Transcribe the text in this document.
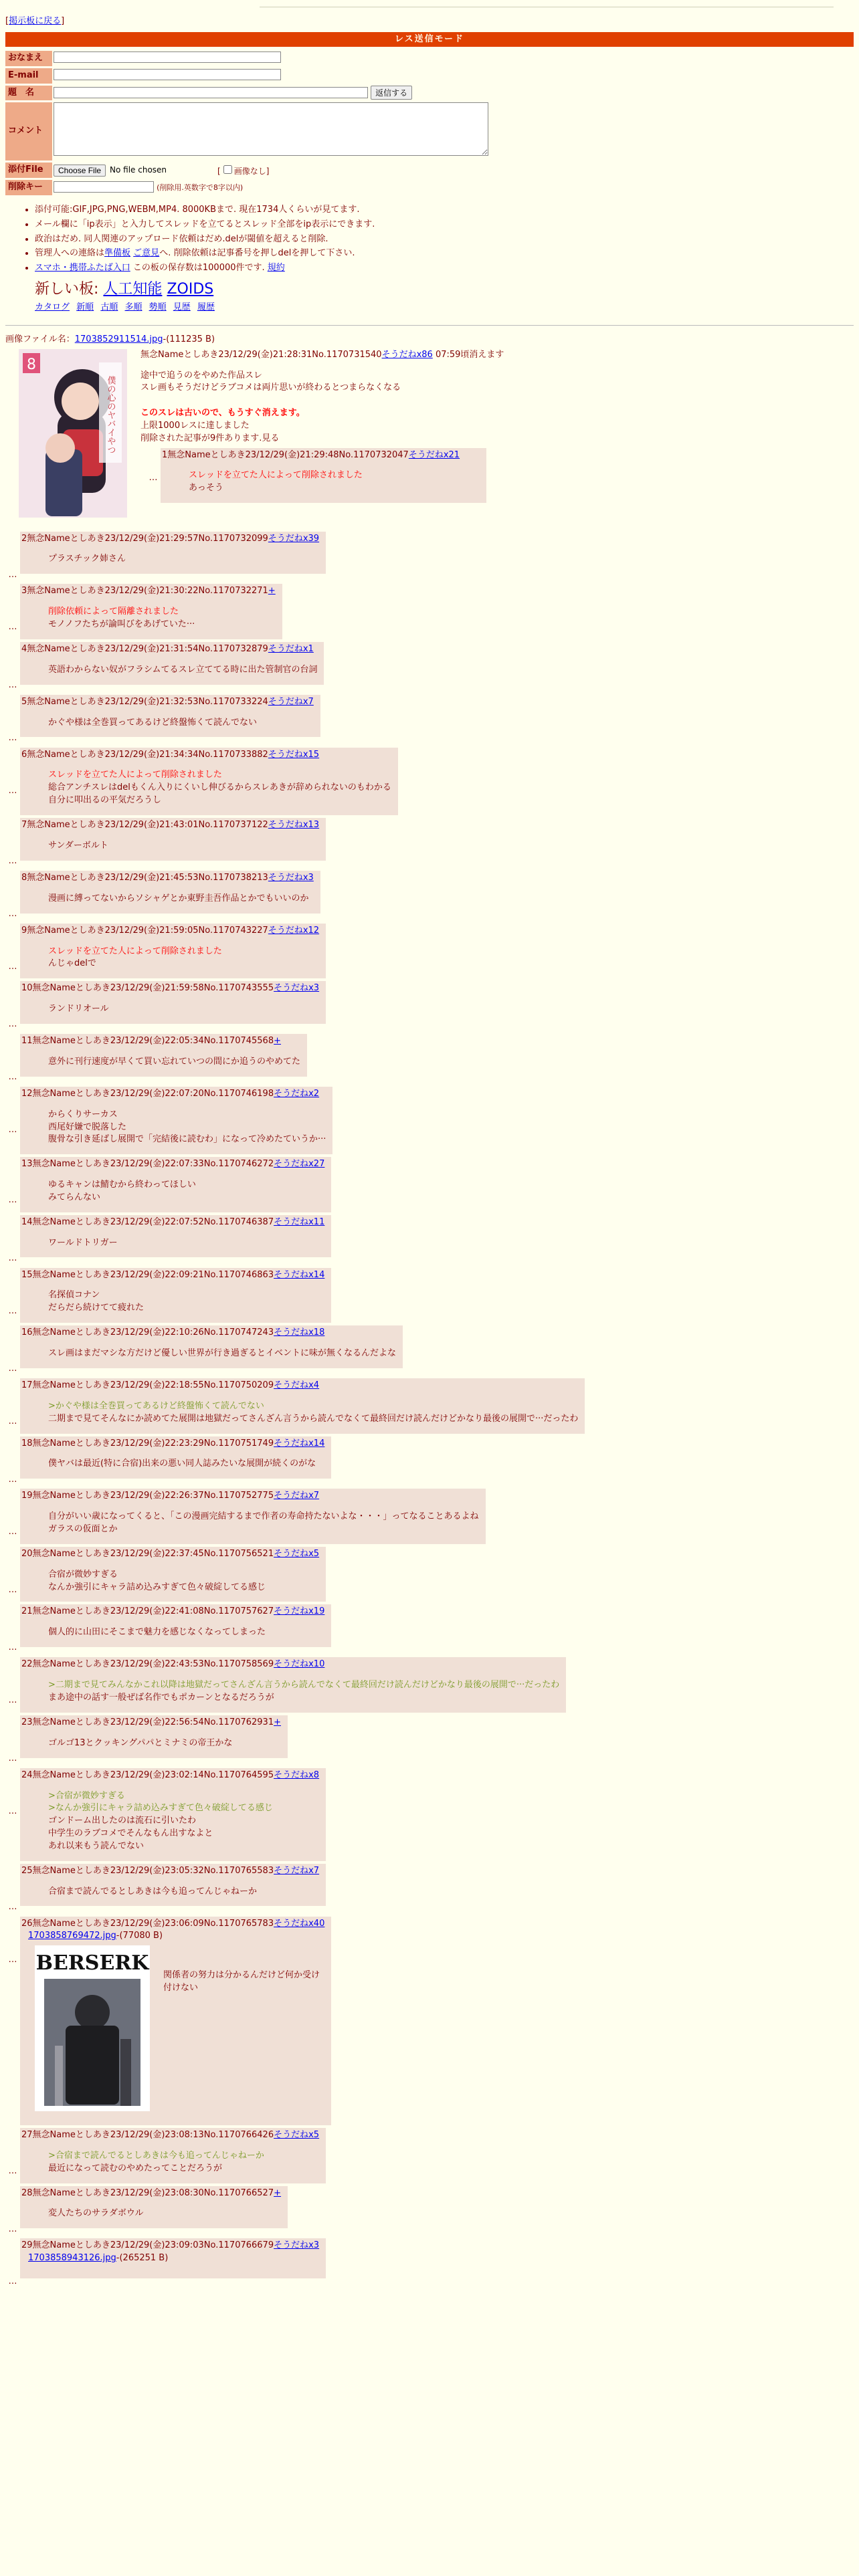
[掲示板に戻る]
レス送信モード
おなまえ	
E-mail	
題　名	返信する
コメント	
添付File	Choose File No file chosen [ 画像なし]

削除キー	(削除用.英数字で8字以内)
• 添付可能:GIF,JPG,PNG,WEBM,MP4. 8000KBまで. 現在1734人くらいが見てます.
• メール欄に「ip表示」と入力してスレッドを立てるとスレッド全部をip表示にできます.
• 政治はだめ. 同人関連のアップロード依頼はだめ.delが閾値を超えると削除.
• 管理人への連絡は準備板 ご意見へ. 削除依頼は記事番号を押しdelを押して下さい.
• スマホ・携帯ふたば入口 この板の保存数は100000件です. 規約
新しい板: 人工知能 ZOIDS
カタログ 新順 古順 多順 勢順 見歴 履歴
画像ファイル名：1703852911514.jpg-(111235 B)
8
僕の心のヤバイやつ
無念Nameとしあき23/12/29(金)21:28:31No.1170731540そうだねx86 07:59頃消えます

途中で追うのをやめた作品スレ

スレ画もそうだけどラブコメは両片思いが終わるとつまらなくなる

このスレは古いので、もうすぐ消えます。

上限1000レスに達しました

削除された記事が9件あります.見る

…
1無念Nameとしあき23/12/29(金)21:29:48No.1170732047そうだねx21

スレッドを立てた人によって削除されました

あっそう

…
2無念Nameとしあき23/12/29(金)21:29:57No.1170732099そうだねx39

プラスチック姉さん

…
3無念Nameとしあき23/12/29(金)21:30:22No.1170732271+

削除依頼によって隔離されました

モノノフたちが論叫びをあげていた···

…
4無念Nameとしあき23/12/29(金)21:31:54No.1170732879そうだねx1

英語わからない奴がフラシムてるスレ立ててる時に出た管制官の台詞

…
5無念Nameとしあき23/12/29(金)21:32:53No.1170733224そうだねx7

かぐや様は全巻買ってあるけど終盤怖くて読んでない

…
6無念Nameとしあき23/12/29(金)21:34:34No.1170733882そうだねx15

スレッドを立てた人によって削除されました

総合アンチスレはdelもくん入りにくいし伸びるからスレあきが辞められないのもわかる

自分に叩出るの平気だろうし

…
7無念Nameとしあき23/12/29(金)21:43:01No.1170737122そうだねx13

サンダーボルト

…
8無念Nameとしあき23/12/29(金)21:45:53No.1170738213そうだねx3

漫画に縛ってないからソシャゲとか東野圭吾作品とかでもいいのか

…
9無念Nameとしあき23/12/29(金)21:59:05No.1170743227そうだねx12

スレッドを立てた人によって削除されました

んじゃdelで

…
10無念Nameとしあき23/12/29(金)21:59:58No.1170743555そうだねx3

ランドリオール

…
11無念Nameとしあき23/12/29(金)22:05:34No.1170745568+

意外に刊行速度が早くて買い忘れていつの間にか追うのやめてた

…
12無念Nameとしあき23/12/29(金)22:07:20No.1170746198そうだねx2

からくりサーカス

西尾好嫌で脱落した

腹骨な引き延ばし展開で「完結後に読むわ」になって冷めたていうか···

…
13無念Nameとしあき23/12/29(金)22:07:33No.1170746272そうだねx27

ゆるキャンは鯖むから終わってほしい

みてらんない

…
14無念Nameとしあき23/12/29(金)22:07:52No.1170746387そうだねx11

ワールドトリガー

…
15無念Nameとしあき23/12/29(金)22:09:21No.1170746863そうだねx14

名探偵コナン

だらだら続けてて疲れた

…
16無念Nameとしあき23/12/29(金)22:10:26No.1170747243そうだねx18

スレ画はまだマシな方だけど優しい世界が行き過ぎるとイベントに味が無くなるんだよな

…
17無念Nameとしあき23/12/29(金)22:18:55No.1170750209そうだねx4

>かぐや様は全巻買ってあるけど終盤怖くて読んでない

二期まで見てそんなにか読めてた展開は地獄だってさんざん言うから読んでなくて最終回だけ読んだけどかなり最後の展開で···だったわ

…
18無念Nameとしあき23/12/29(金)22:23:29No.1170751749そうだねx14

僕ヤバは最近(特に合宿)出来の悪い同人誌みたいな展開が続くのがな

…
19無念Nameとしあき23/12/29(金)22:26:37No.1170752775そうだねx7

自分がいい歳になってくると、「この漫画完結するまで作者の寿命持たないよな・・・」ってなることあるよね

ガラスの仮面とか

…
20無念Nameとしあき23/12/29(金)22:37:45No.1170756521そうだねx5

合宿が微妙すぎる

なんか強引にキャラ詰め込みすぎて色々破綻してる感じ

…
21無念Nameとしあき23/12/29(金)22:41:08No.1170757627そうだねx19

個人的に山田にそこまで魅力を感じなくなってしまった

…
22無念Nameとしあき23/12/29(金)22:43:53No.1170758569そうだねx10

>二期まで見てみんなかこれ以降は地獄だってさんざん言うから読んでなくて最終回だけ読んだけどかなり最後の展開で···だったわ

まあ途中の話す一般ぜば名作でもポカーンとなるだろうが

…
23無念Nameとしあき23/12/29(金)22:56:54No.1170762931+

ゴルゴ13とクッキングパパとミナミの帝王かな

…
24無念Nameとしあき23/12/29(金)23:02:14No.1170764595そうだねx8

>合宿が微妙すぎる

>なんか強引にキャラ詰め込みすぎて色々破綻してる感じ

ゴンドーム出したのは流石に引いたわ

中学生のラブコメでそんなもん出すなよと

あれ以来もう読んでない

…
25無念Nameとしあき23/12/29(金)23:05:32No.1170765583そうだねx7

合宿まで読んでるとしあきは今も追ってんじゃねーか

…
26無念Nameとしあき23/12/29(金)23:06:09No.1170765783そうだねx40
1703858769472.jpg-(77080 B)
BERSERK

関係者の努力は分かるんだけど何か受け付けない

…
27無念Nameとしあき23/12/29(金)23:08:13No.1170766426そうだねx5

>合宿まで読んでるとしあきは今も追ってんじゃねーか

最近になって読むのやめたってことだろうが

…
28無念Nameとしあき23/12/29(金)23:08:30No.1170766527+

変人たちのサラダボウル

…
29無念Nameとしあき23/12/29(金)23:09:03No.1170766679そうだねx3
1703858943126.jpg-(265251 B)
